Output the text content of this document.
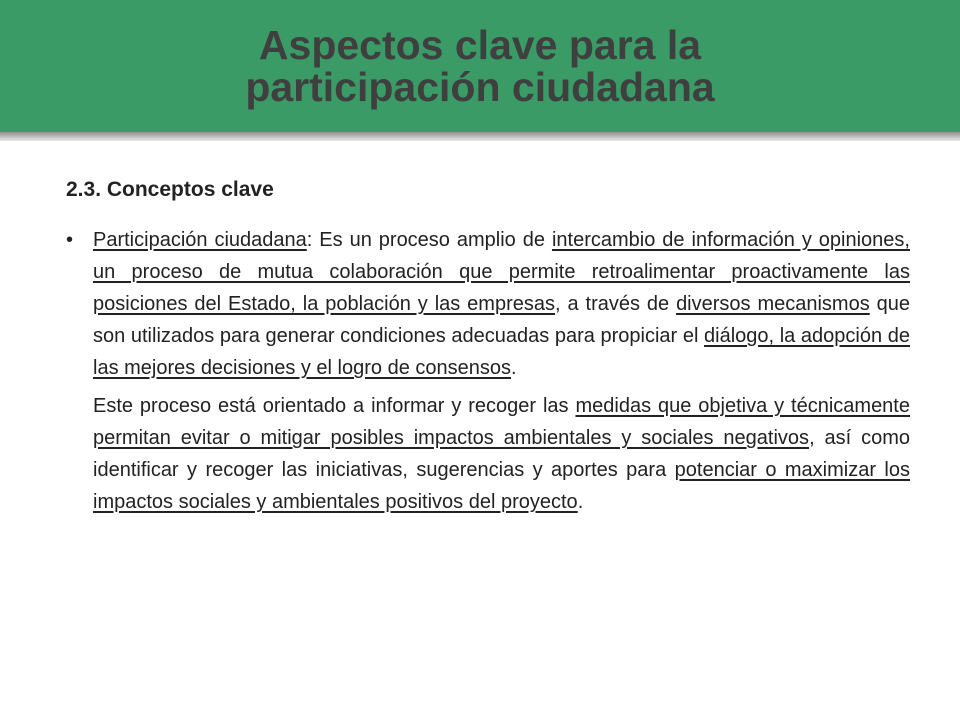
Aspectos clave para la
participación ciudadana
2.3. Conceptos clave
• Participación ciudadana: Es un proceso amplio de intercambio de información y opiniones, un proceso de mutua colaboración que permite retroalimentar proactivamente las posiciones del Estado, la población y las empresas, a través de diversos mecanismos que son utilizados para generar condiciones adecuadas para propiciar el diálogo, la adopción de las mejores decisiones y el logro de consensos.

Este proceso está orientado a informar y recoger las medidas que objetiva y técnicamente permitan evitar o mitigar posibles impactos ambientales y sociales negativos, así como identificar y recoger las iniciativas, sugerencias y aportes para potenciar o maximizar los impactos sociales y ambientales positivos del proyecto.
